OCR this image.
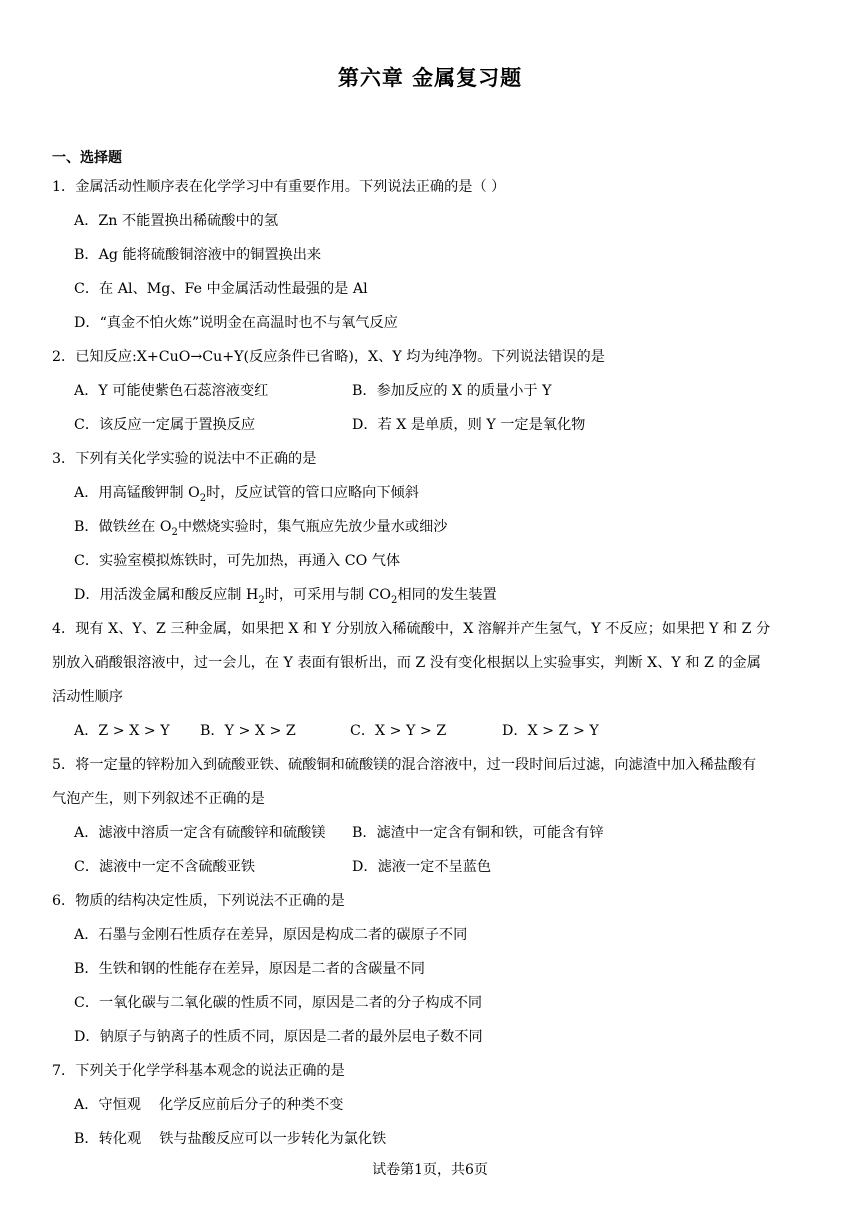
第六章 金属复习题
一、选择题
1．金属活动性顺序表在化学学习中有重要作用。下列说法正确的是（ ）
A．Zn 不能置换出稀硫酸中的氢
B．Ag 能将硫酸铜溶液中的铜置换出来
C．在 Al、Mg、Fe 中金属活动性最强的是 Al
D．“真金不怕火炼”说明金在高温时也不与氧气反应
2．已知反应:X+CuO→Cu+Y(反应条件已省略)，X、Y 均为纯净物。下列说法错误的是
A．Y 可能使紫色石蕊溶液变红	B．参加反应的 X 的质量小于 Y
C．该反应一定属于置换反应	D．若 X 是单质，则 Y 一定是氧化物
3．下列有关化学实验的说法中不正确的是
A．用高锰酸钾制 $O_2$时，反应试管的管口应略向下倾斜
B．做铁丝在 $O_2$中燃烧实验时，集气瓶应先放少量水或细沙
C．实验室模拟炼铁时，可先加热，再通入 CO 气体
D．用活泼金属和酸反应制 $H_2$时，可采用与制 $CO_2$相同的发生装置
4．现有 X、Y、Z 三种金属，如果把 X 和 Y 分别放入稀硫酸中，X 溶解并产生氢气，Y 不反应；如果把 Y 和 Z 分
别放入硝酸银溶液中，过一会儿，在 Y 表面有银析出，而 Z 没有变化根据以上实验事实，判断 X、Y 和 Z 的金属
活动性顺序
A．Z > X > Y	B．Y > X > Z	C．X > Y > Z	D．X > Z > Y
5．将一定量的锌粉加入到硫酸亚铁、硫酸铜和硫酸镁的混合溶液中，过一段时间后过滤，向滤渣中加入稀盐酸有
气泡产生，则下列叙述不正确的是
A．滤液中溶质一定含有硫酸锌和硫酸镁	B．滤渣中一定含有铜和铁，可能含有锌
C．滤液中一定不含硫酸亚铁	D．滤液一定不呈蓝色
6．物质的结构决定性质，下列说法不正确的是
A．石墨与金刚石性质存在差异，原因是构成二者的碳原子不同
B．生铁和钢的性能存在差异，原因是二者的含碳量不同
C．一氧化碳与二氧化碳的性质不同，原因是二者的分子构成不同
D．钠原子与钠离子的性质不同，原因是二者的最外层电子数不同
7．下列关于化学学科基本观念的说法正确的是
A．守恒观    化学反应前后分子的种类不变
B．转化观    铁与盐酸反应可以一步转化为氯化铁
试卷第1页，共6页
